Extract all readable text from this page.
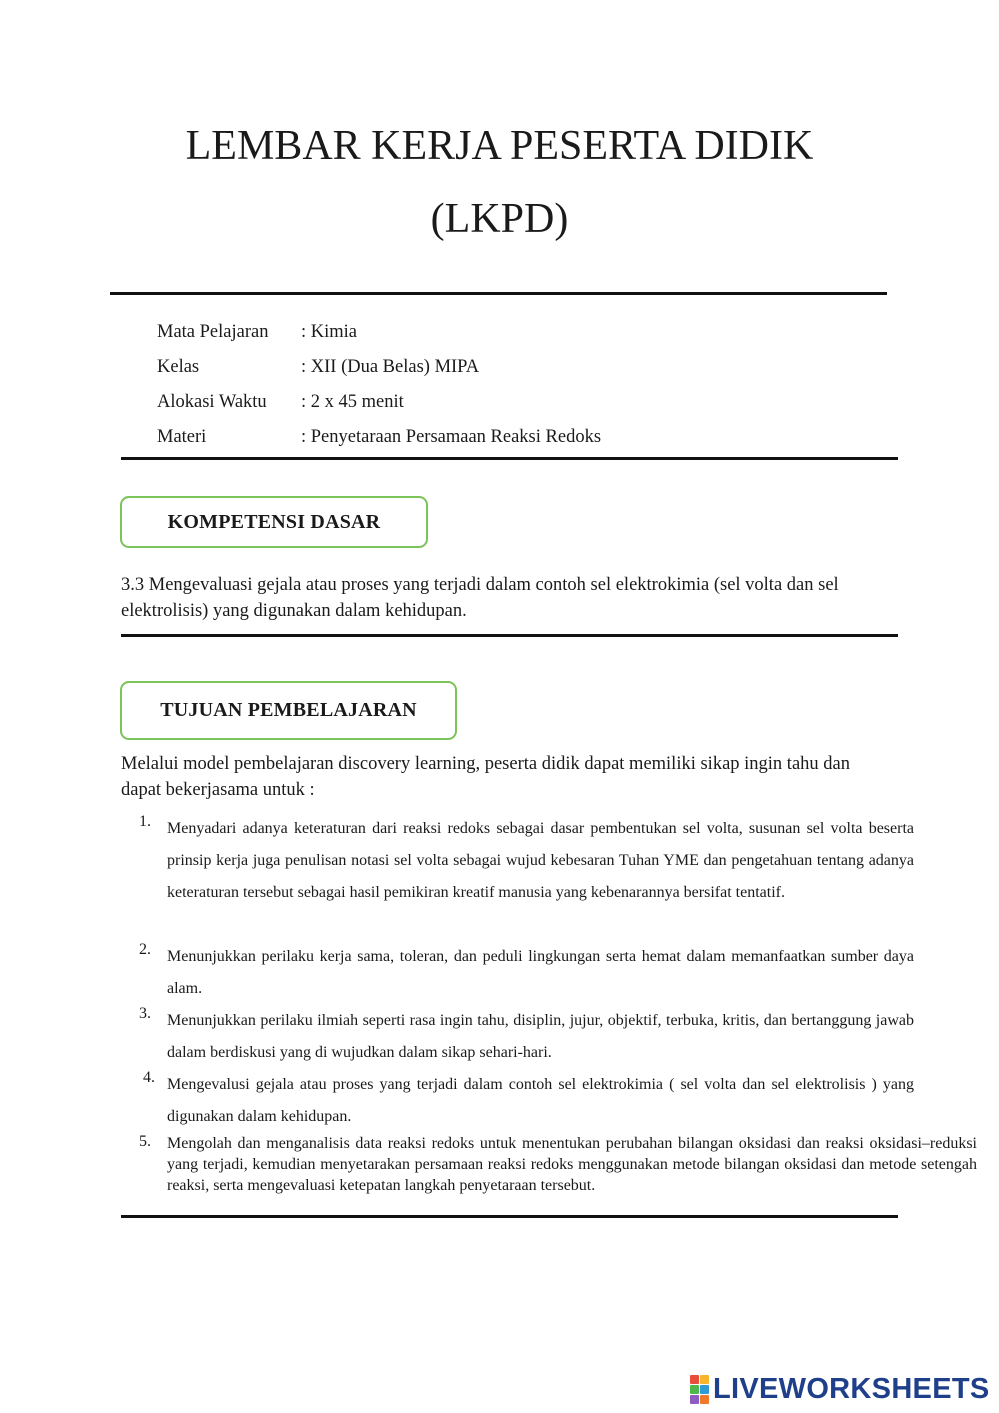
LEMBAR KERJA PESERTA DIDIK
(LKPD)
Mata Pelajaran : Kimia
Kelas	: XII (Dua Belas) MIPA
Alokasi Waktu : 2 x 45 menit
Materi	: Penyetaraan Persamaan Reaksi Redoks
KOMPETENSI DASAR
3.3 Mengevaluasi gejala atau proses yang terjadi dalam contoh sel elektrokimia (sel volta dan sel elektrolisis) yang digunakan dalam kehidupan.
TUJUAN PEMBELAJARAN
Melalui model pembelajaran discovery learning, peserta didik dapat memiliki sikap ingin tahu dan dapat bekerjasama untuk :
1. Menyadari adanya keteraturan dari reaksi redoks sebagai dasar pembentukan sel volta, susunan sel volta beserta prinsip kerja juga penulisan notasi sel volta sebagai wujud kebesaran Tuhan YME dan pengetahuan tentang adanya keteraturan tersebut sebagai hasil pemikiran kreatif manusia yang kebenarannya bersifat tentatif.
2. Menunjukkan perilaku kerja sama, toleran, dan peduli lingkungan serta hemat dalam memanfaatkan sumber daya alam.
3. Menunjukkan perilaku ilmiah seperti rasa ingin tahu, disiplin, jujur, objektif, terbuka, kritis, dan bertanggung jawab dalam berdiskusi yang di wujudkan dalam sikap sehari-hari.
4. Mengevalusi gejala atau proses yang terjadi dalam contoh sel elektrokimia ( sel volta dan sel elektrolisis ) yang digunakan dalam kehidupan.
5. Mengolah dan menganalisis data reaksi redoks untuk menentukan perubahan bilangan oksidasi dan reaksi oksidasi–reduksi yang terjadi, kemudian menyetarakan persamaan reaksi redoks menggunakan metode bilangan oksidasi dan metode setengah reaksi, serta mengevaluasi ketepatan langkah penyetaraan tersebut.
LIVEWORKSHEETS
